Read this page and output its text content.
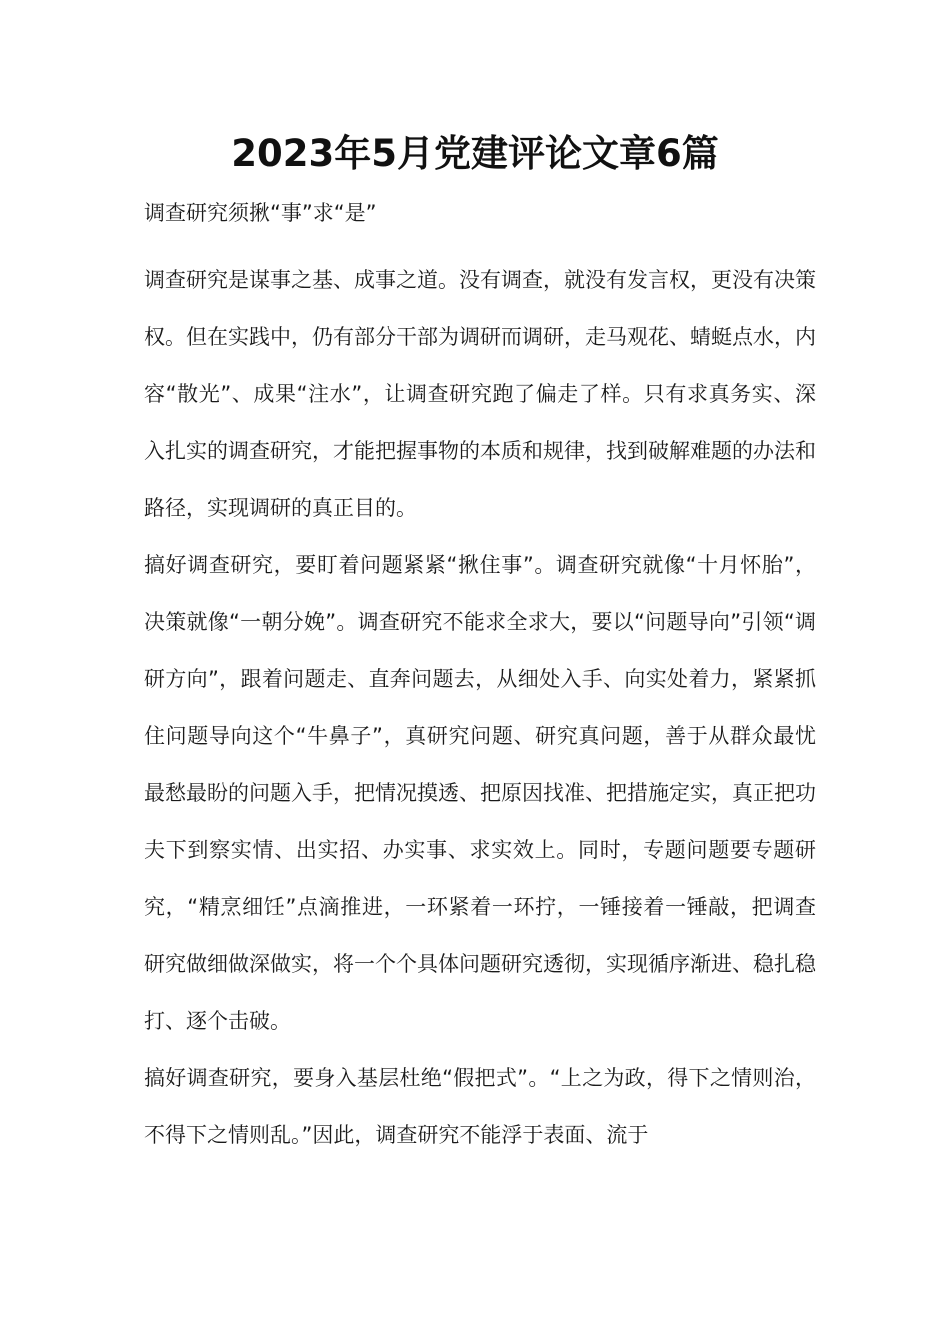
2023年5月党建评论文章6篇

调查研究须揪“事”求“是”

调查研究是谋事之基、成事之道。没有调查，就没有发言权，更没有决策权。但在实践中，仍有部分干部为调研而调研，走马观花、蜻蜓点水，内容“散光”、成果“注水”，让调查研究跑了偏走了样。只有求真务实、深入扎实的调查研究，才能把握事物的本质和规律，找到破解难题的办法和路径，实现调研的真正目的。

搞好调查研究，要盯着问题紧紧“揪住事”。调查研究就像“十月怀胎”，决策就像“一朝分娩”。调查研究不能求全求大，要以“问题导向”引领“调研方向”，跟着问题走、直奔问题去，从细处入手、向实处着力，紧紧抓住问题导向这个“牛鼻子”，真研究问题、研究真问题，善于从群众最忧最愁最盼的问题入手，把情况摸透、把原因找准、把措施定实，真正把功夫下到察实情、出实招、办实事、求实效上。同时，专题问题要专题研究，“精烹细饪”点滴推进，一环紧着一环拧，一锤接着一锤敲，把调查研究做细做深做实，将一个个具体问题研究透彻，实现循序渐进、稳扎稳打、逐个击破。

搞好调查研究，要身入基层杜绝“假把式”。“上之为政，得下之情则治，不得下之情则乱。”因此，调查研究不能浮于表面、流于
